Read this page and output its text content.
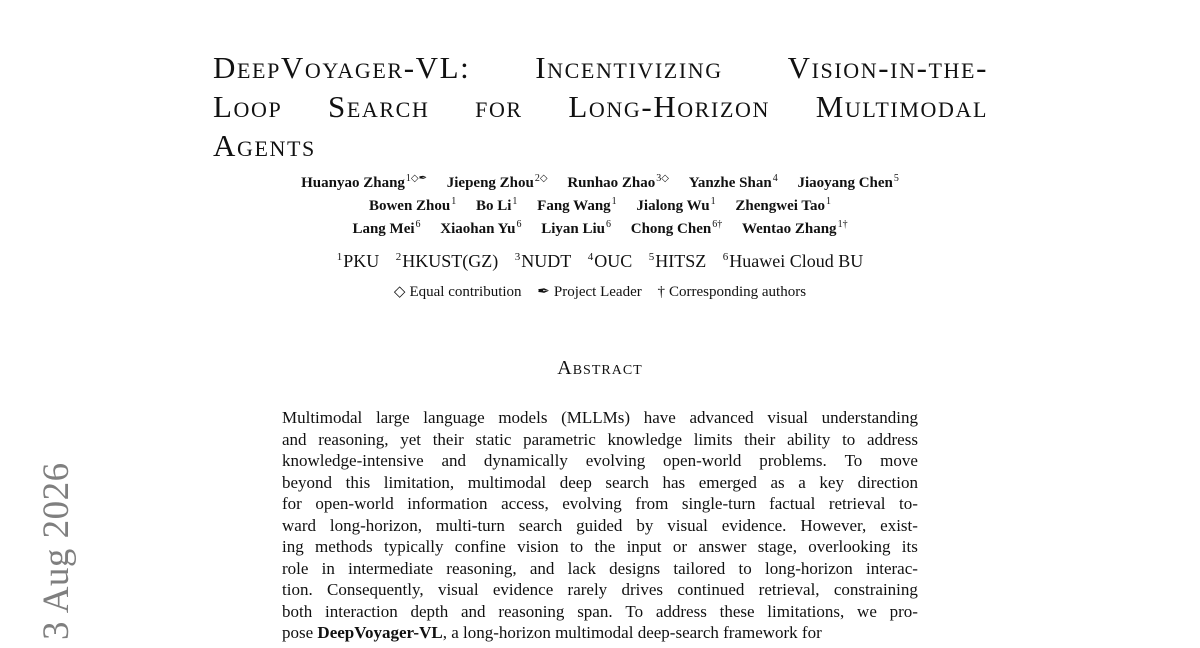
3 Aug 2026
DeepVoyager-VL: Incentivizing Vision-in-the-
Loop Search for Long-Horizon Multimodal
Agents
Huanyao Zhang$^{1◇✒}$ Jiepeng Zhou$^{2◇}$ Runhao Zhao$^{3◇}$ Yanzhe Shan$^4$ Jiaoyang Chen$^5$
Bowen Zhou$^1$ Bo Li$^1$ Fang Wang$^1$ Jialong Wu$^1$ Zhengwei Tao$^1$
Lang Mei$^6$ Xiaohan Yu$^6$ Liyan Liu$^6$ Chong Chen$^{6\dagger}$ Wentao Zhang$^{1\dagger}$
$^1$PKU $^2$HKUST(GZ) $^3$NUDT $^4$OUC $^5$HITSZ $^6$Huawei Cloud BU
◇ Equal contribution ✒ Project Leader † Corresponding authors
Abstract
Multimodal large language models (MLLMs) have advanced visual understanding
and reasoning, yet their static parametric knowledge limits their ability to address
knowledge-intensive and dynamically evolving open-world problems. To move
beyond this limitation, multimodal deep search has emerged as a key direction
for open-world information access, evolving from single-turn factual retrieval to-
ward long-horizon, multi-turn search guided by visual evidence. However, exist-
ing methods typically confine vision to the input or answer stage, overlooking its
role in intermediate reasoning, and lack designs tailored to long-horizon interac-
tion. Consequently, visual evidence rarely drives continued retrieval, constraining
both interaction depth and reasoning span. To address these limitations, we pro-
pose DeepVoyager-VL, a long-horizon multimodal deep-search framework for
